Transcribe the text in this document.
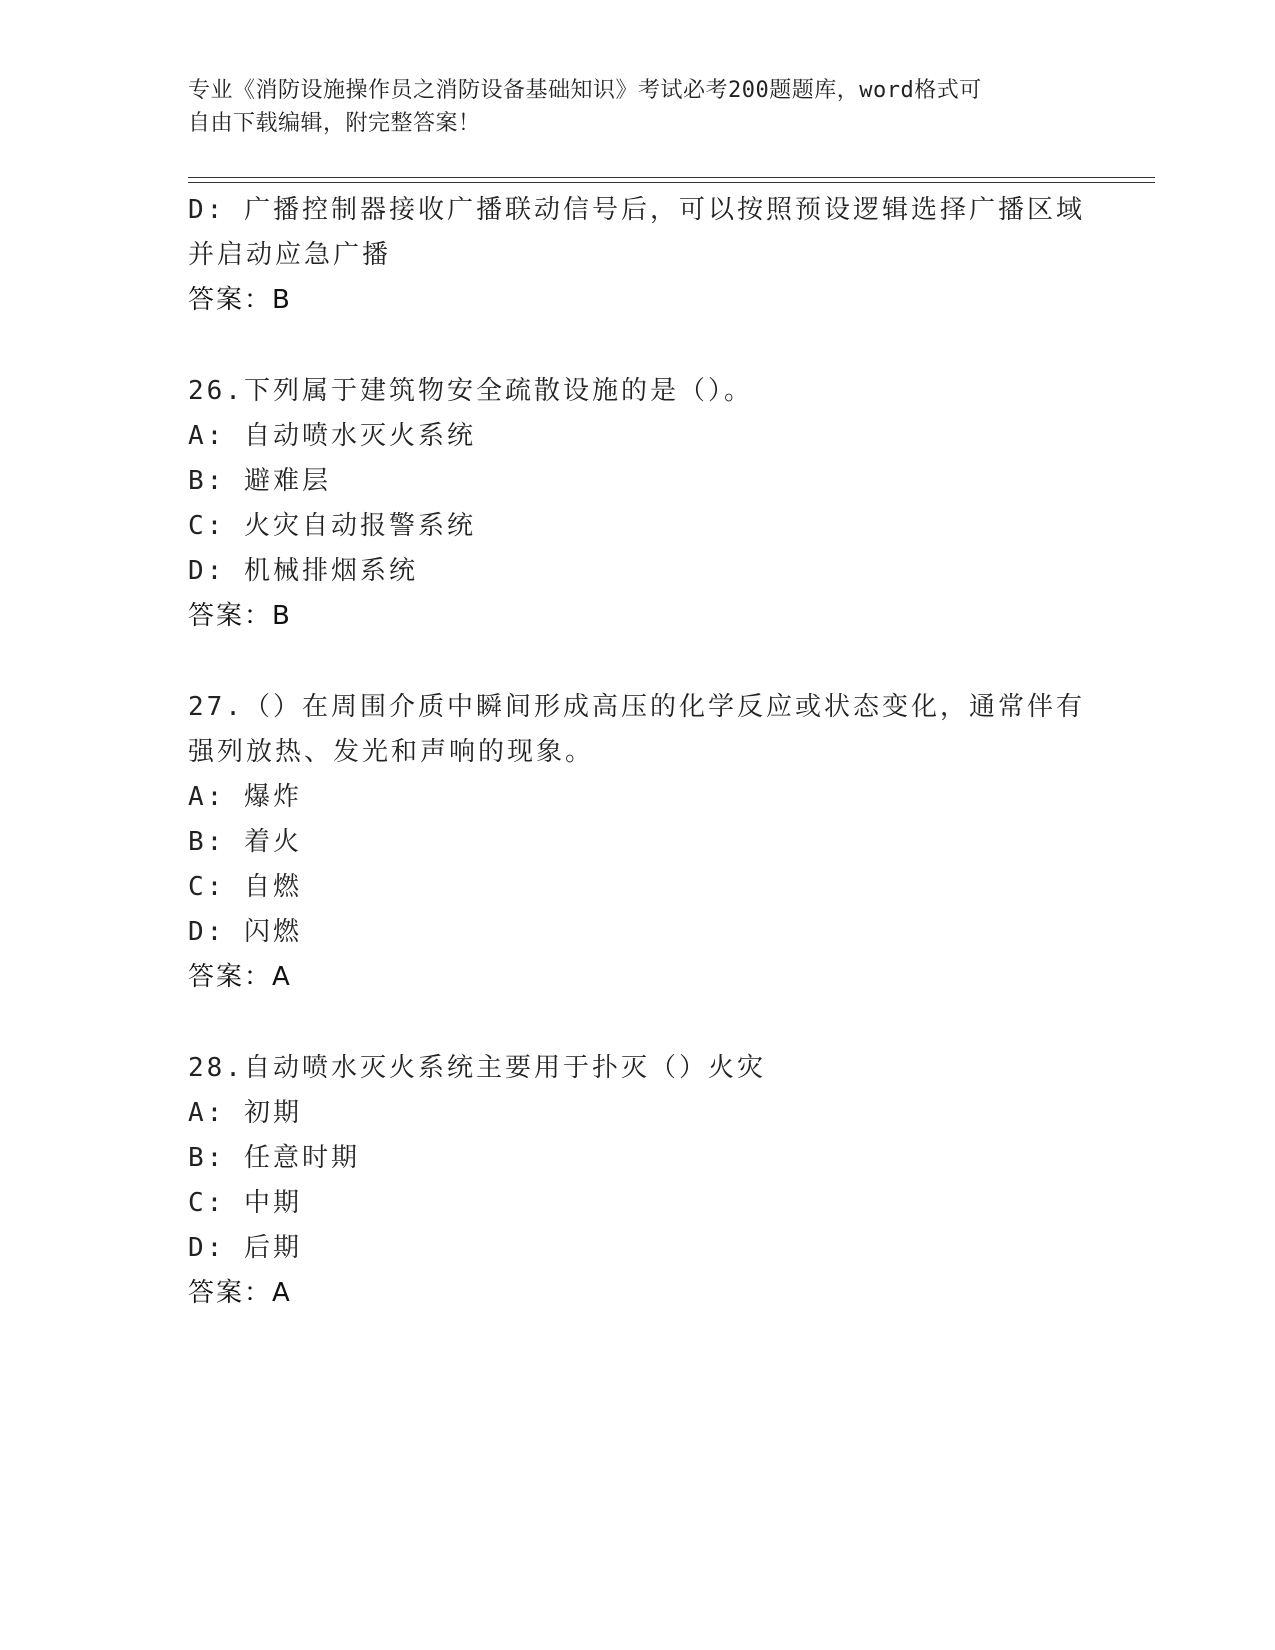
专业《消防设施操作员之消防设备基础知识》考试必考200题题库，word格式可
自由下载编辑，附完整答案！
D: 广播控制器接收广播联动信号后，可以按照预设逻辑选择广播区域
并启动应急广播
答案：B
26.下列属于建筑物安全疏散设施的是（）。
A: 自动喷水灭火系统
B: 避难层
C: 火灾自动报警系统
D: 机械排烟系统
答案：B
27.（）在周围介质中瞬间形成高压的化学反应或状态变化，通常伴有
强列放热、发光和声响的现象。
A: 爆炸
B: 着火
C: 自燃
D: 闪燃
答案：A
28.自动喷水灭火系统主要用于扑灭（）火灾
A: 初期
B: 任意时期
C: 中期
D: 后期
答案：A
